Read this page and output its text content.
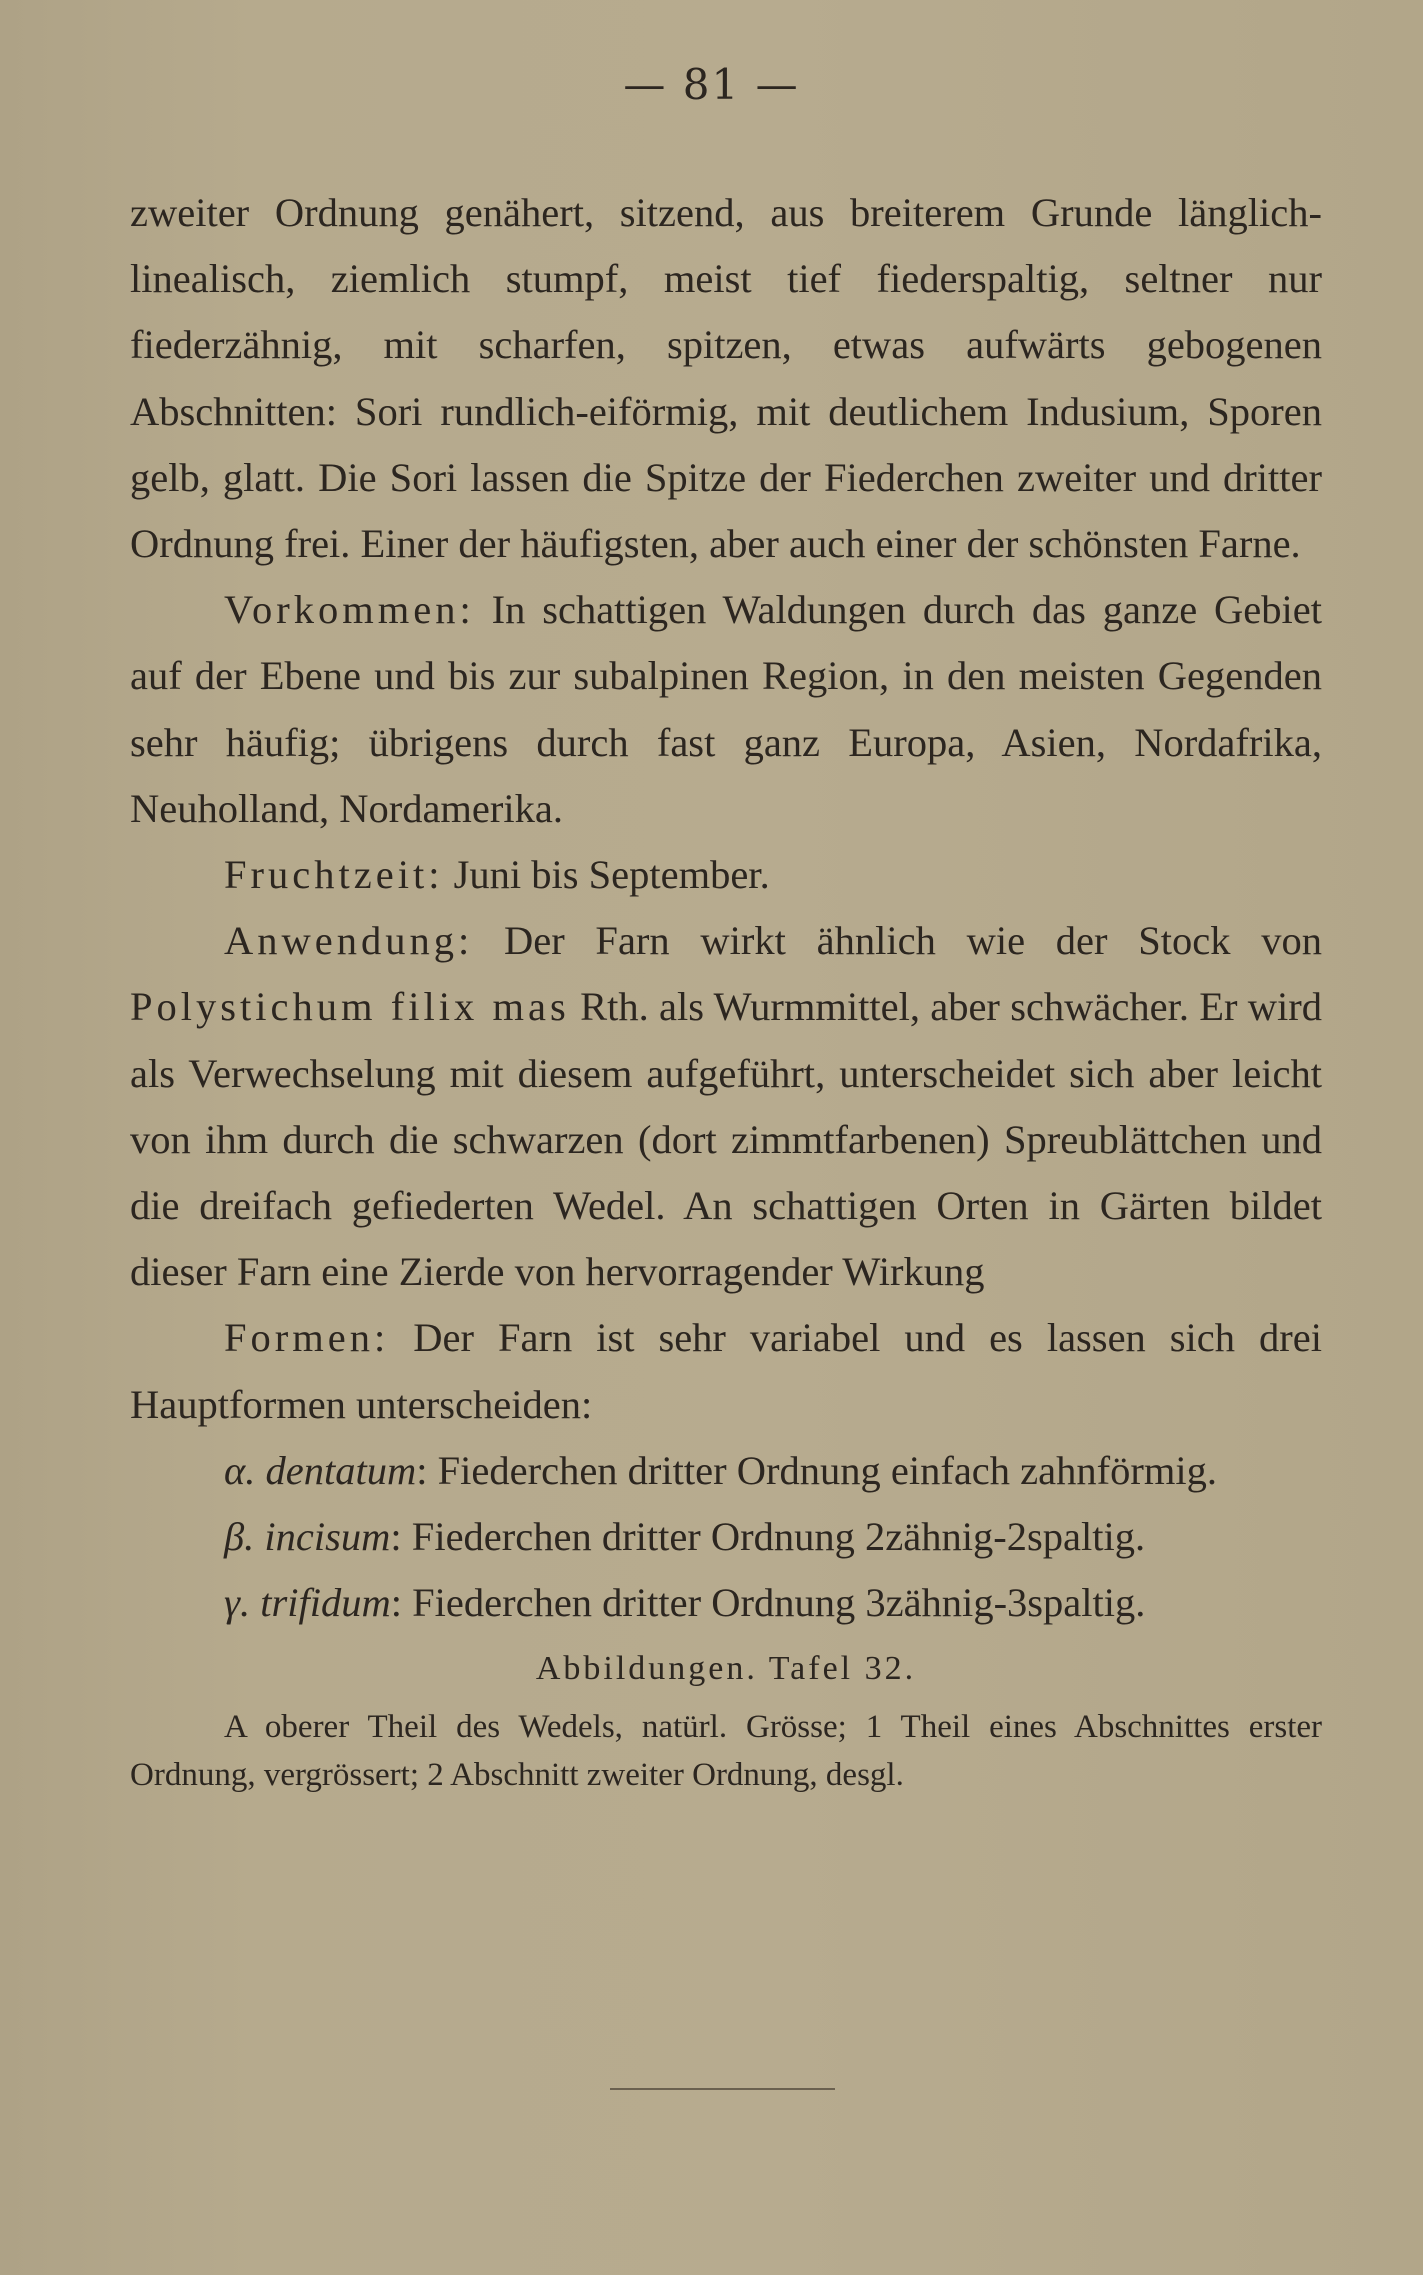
— 81 —

zweiter Ordnung genähert, sitzend, aus breiterem Grunde länglich-linealisch, ziemlich stumpf, meist tief fiederspaltig, seltner nur fiederzähnig, mit scharfen, spitzen, etwas aufwärts gebogenen Abschnitten: Sori rundlich-eiförmig, mit deutlichem Indusium, Sporen gelb, glatt. Die Sori lassen die Spitze der Fiederchen zweiter und dritter Ordnung frei. Einer der häufigsten, aber auch einer der schönsten Farne.

Vorkommen: In schattigen Waldungen durch das ganze Gebiet auf der Ebene und bis zur subalpinen Region, in den meisten Gegenden sehr häufig; übrigens durch fast ganz Europa, Asien, Nordafrika, Neuholland, Nordamerika.

Fruchtzeit: Juni bis September.

Anwendung: Der Farn wirkt ähnlich wie der Stock von Polystichum filix mas Rth. als Wurmmittel, aber schwächer. Er wird als Verwechselung mit diesem aufgeführt, unterscheidet sich aber leicht von ihm durch die schwarzen (dort zimmtfarbenen) Spreublättchen und die dreifach gefiederten Wedel. An schattigen Orten in Gärten bildet dieser Farn eine Zierde von hervorragender Wirkung

Formen: Der Farn ist sehr variabel und es lassen sich drei Hauptformen unterscheiden:

α. dentatum: Fiederchen dritter Ordnung einfach zahnförmig.

β. incisum: Fiederchen dritter Ordnung 2zähnig-2spaltig.

γ. trifidum: Fiederchen dritter Ordnung 3zähnig-3spaltig.

Abbildungen. Tafel 32.

A oberer Theil des Wedels, natürl. Grösse; 1 Theil eines Abschnittes erster Ordnung, vergrössert; 2 Abschnitt zweiter Ordnung, desgl.
